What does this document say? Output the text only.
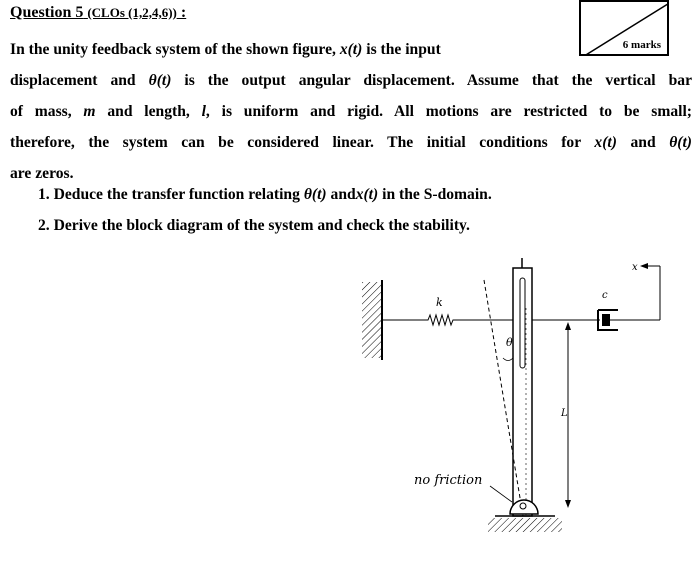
Question 5 (CLOs (1,2,4,6)) :
6 marks
In the unity feedback system of the shown figure, x(t) is the input
displacement and θ(t) is the output angular displacement. Assume that the vertical bar
of mass, m and length, l, is uniform and rigid. All motions are restricted to be small;
therefore, the system can be considered linear. The initial conditions for x(t) and θ(t)
are zeros.
1. Deduce the transfer function relating θ(t) andx(t) in the S-domain.
2. Derive the block diagram of the system and check the stability.
k
c
x
θ
L
no friction
